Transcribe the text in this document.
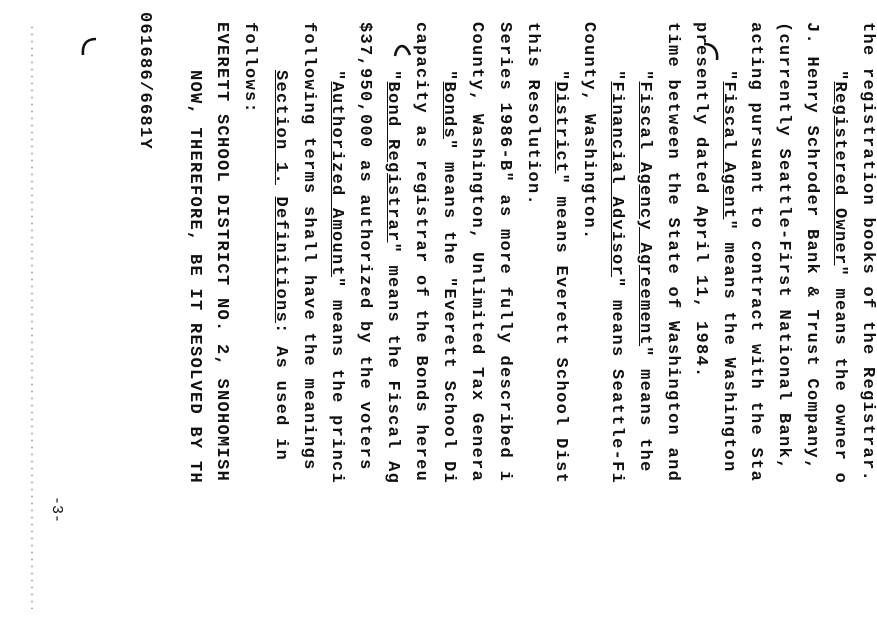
061686/6681Y NOW, THEREFORE, BE IT RESOLVED BY TH EVERETT SCHOOL DISTRICT NO. 2, SNOHOMISH follows:
Section 1. Definitions: As used in following terms shall have the meanings "Authorized Amount" means the princi $37,950,000 as authorized by the voters "Bond Registrar" means the Fiscal Ag capacity as registrar of the Bonds hereu "Bonds" means the "Everett School Di County, Washington, Unlimited Tax Genera Series 1986-B" as more fully described i this Resolution. "District" means Everett School Dist
County, Washington. "Financial Advisor" means Seattle-Fi
"Fiscal Agency Agreement" means the time between the State of Washington and presently dated April 11, 1984. "Fiscal Agent" means the Washington acting pursuant to contract with the Sta (currently Seattle-First National Bank, J. Henry Schroder Bank & Trust Company, "Registered Owner" means the owner o the registration books of the Registrar.
-3-
